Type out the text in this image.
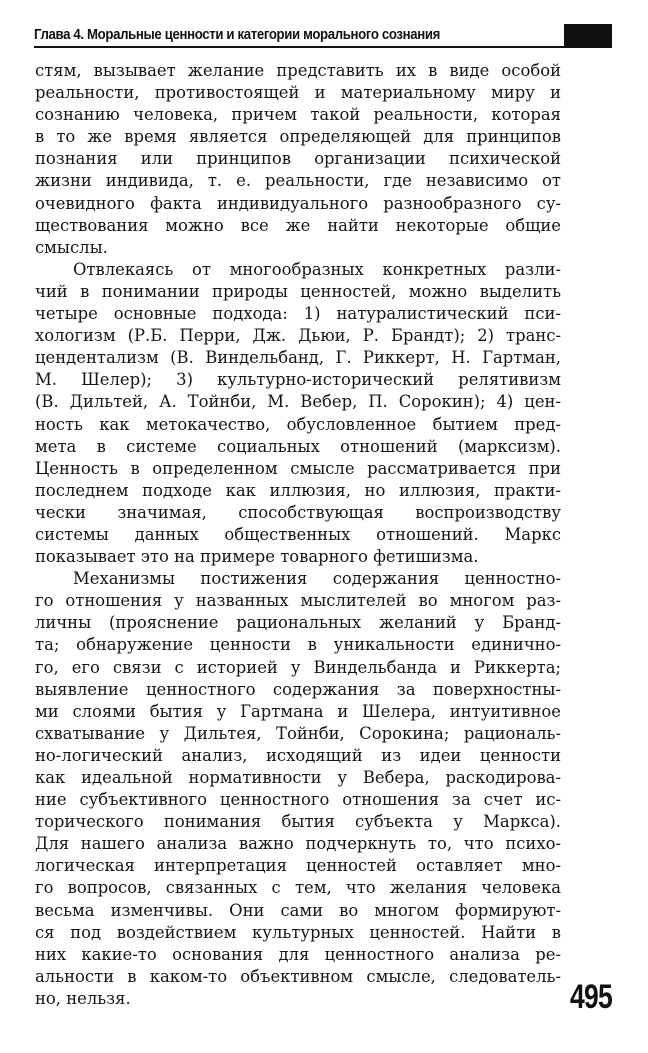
Глава 4. Моральные ценности и категории морального сознания
стям, вызывает желание представить их в виде особой
реальности, противостоящей и материальному миру и
сознанию человека, причем такой реальности, которая
в то же время является определяющей для принципов
познания или принципов организации психической
жизни индивида, т. е. реальности, где независимо от
очевидного факта индивидуального разнообразного су-
ществования можно все же найти некоторые общие
смыслы.
Отвлекаясь от многообразных конкретных разли-
чий в понимании природы ценностей, можно выделить
четыре основные подхода: 1) натуралистический пси-
хологизм (Р.Б. Перри, Дж. Дьюи, Р. Брандт); 2) транс-
цендентализм (В. Виндельбанд, Г. Риккерт, Н. Гартман,
М. Шелер); 3) культурно-исторический релятивизм
(В. Дильтей, А. Тойнби, М. Вебер, П. Сорокин); 4) цен-
ность как метокачество, обусловленное бытием пред-
мета в системе социальных отношений (марксизм).
Ценность в определенном смысле рассматривается при
последнем подходе как иллюзия, но иллюзия, практи-
чески значимая, способствующая воспроизводству
системы данных общественных отношений. Маркс
показывает это на примере товарного фетишизма.
Механизмы постижения содержания ценностно-
го отношения у названных мыслителей во многом раз-
личны (прояснение рациональных желаний у Бранд-
та; обнаружение ценности в уникальности единично-
го, его связи с историей у Виндельбанда и Риккерта;
выявление ценностного содержания за поверхностны-
ми слоями бытия у Гартмана и Шелера, интуитивное
схватывание у Дильтея, Тойнби, Сорокина; рациональ-
но-логический анализ, исходящий из идеи ценности
как идеальной нормативности у Вебера, раскодирова-
ние субъективного ценностного отношения за счет ис-
торического понимания бытия субъекта у Маркса).
Для нашего анализа важно подчеркнуть то, что психо-
логическая интерпретация ценностей оставляет мно-
го вопросов, связанных с тем, что желания человека
весьма изменчивы. Они сами во многом формируют-
ся под воздействием культурных ценностей. Найти в
них какие-то основания для ценностного анализа ре-
альности в каком-то объективном смысле, следователь-
но, нельзя.	495
